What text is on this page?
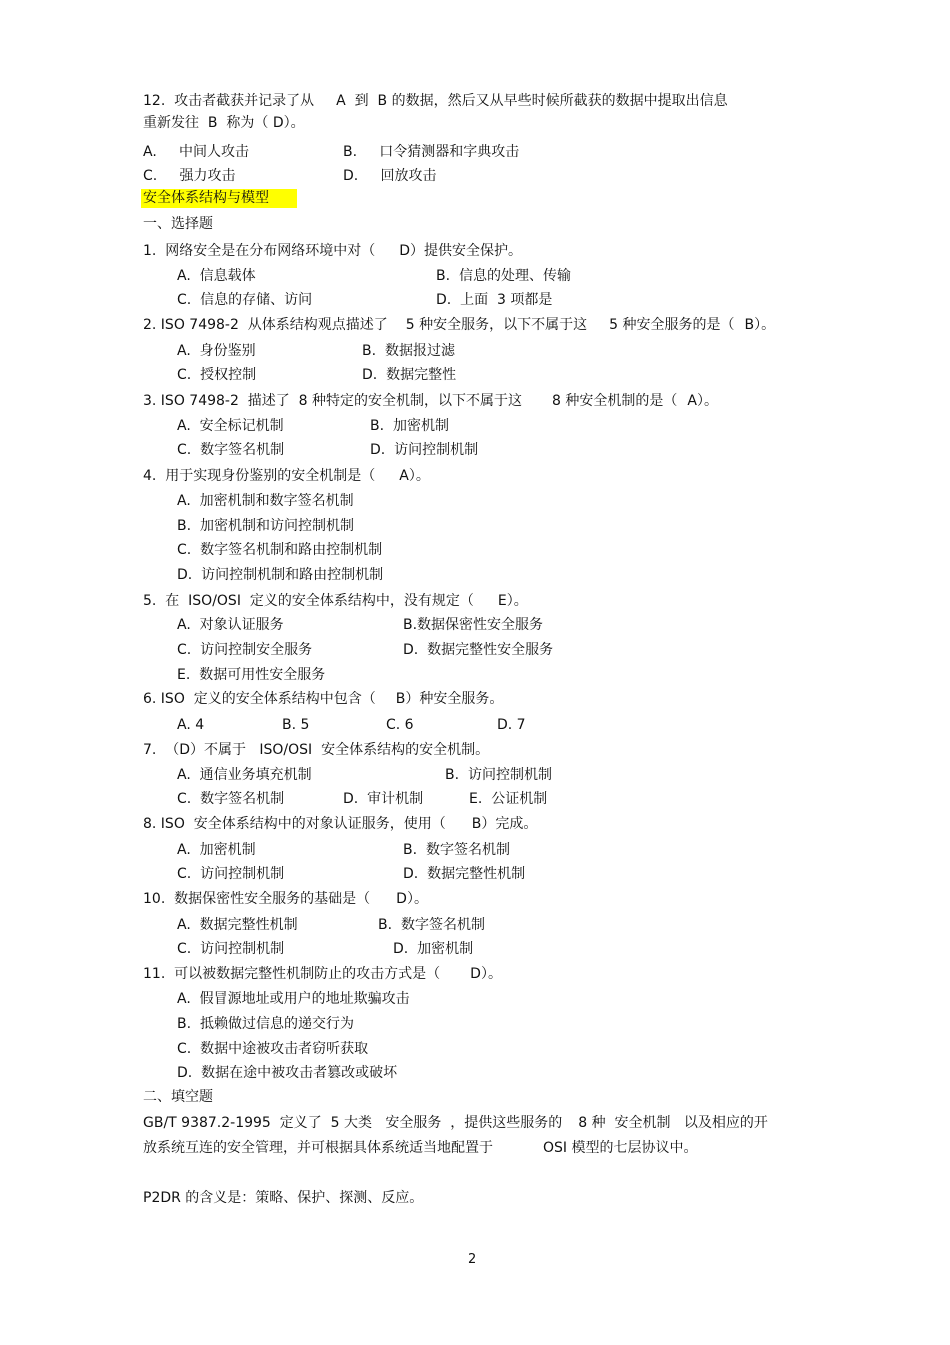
12.  攻击者截获并记录了从 A  到  B 的数据，然后又从早些时候所截获的数据中提取出信息
重新发往  B  称为（ D）。
A.     中间人攻击	B.     口令猜测器和字典攻击
C.     强力攻击	D.     回放攻击
安全体系结构与模型
一、选择题
1.  网络安全是在分布网络环境中对（ D）提供安全保护。
A.  信息载体	B.  信息的处理、传输
C.  信息的存储、访问	D.  上面  3 项都是
2. ISO 7498-2  从体系结构观点描述了 5 种安全服务，以下不属于这 5 种安全服务的是（ B）。
A.  身份鉴别	B.  数据报过滤
C.  授权控制	D.  数据完整性
3. ISO 7498-2  描述了  8 种特定的安全机制，以下不属于这 8 种安全机制的是（ A）。
A.  安全标记机制	B.  加密机制
C.  数字签名机制	D.  访问控制机制
4.  用于实现身份鉴别的安全机制是（ A）。
A.  加密机制和数字签名机制
B.  加密机制和访问控制机制
C.  数字签名机制和路由控制机制
D.  访问控制机制和路由控制机制
5.  在  ISO/OSI  定义的安全体系结构中，没有规定（ E）。
A.  对象认证服务	B.数据保密性安全服务
C.  访问控制安全服务	D.  数据完整性安全服务
E.  数据可用性安全服务
6. ISO  定义的安全体系结构中包含（ B）种安全服务。
A. 4	B. 5	C. 6	D. 7
7.  （D）不属于   ISO/OSI  安全体系结构的安全机制。
A.  通信业务填充机制	B.  访问控制机制
C.  数字签名机制	D.  审计机制	E.  公证机制
8. ISO  安全体系结构中的对象认证服务，使用（ B）完成。
A.  加密机制	B.  数字签名机制
C.  访问控制机制	D.  数据完整性机制
10.  数据保密性安全服务的基础是（ D）。
A.  数据完整性机制	B.  数字签名机制
C.  访问控制机制	D.  加密机制
11.  可以被数据完整性机制防止的攻击方式是（ D）。
A.  假冒源地址或用户的地址欺骗攻击
B.  抵赖做过信息的递交行为
C.  数据中途被攻击者窃听获取
D.  数据在途中被攻击者篡改或破坏
二、填空题
GB/T 9387.2-1995  定义了  5 大类   安全服务  ，提供这些服务的 8 种  安全机制   以及相应的开
放系统互连的安全管理，并可根据具体系统适当地配置于	OSI 模型的七层协议中。
P2DR 的含义是：策略、保护、探测、反应。
2
